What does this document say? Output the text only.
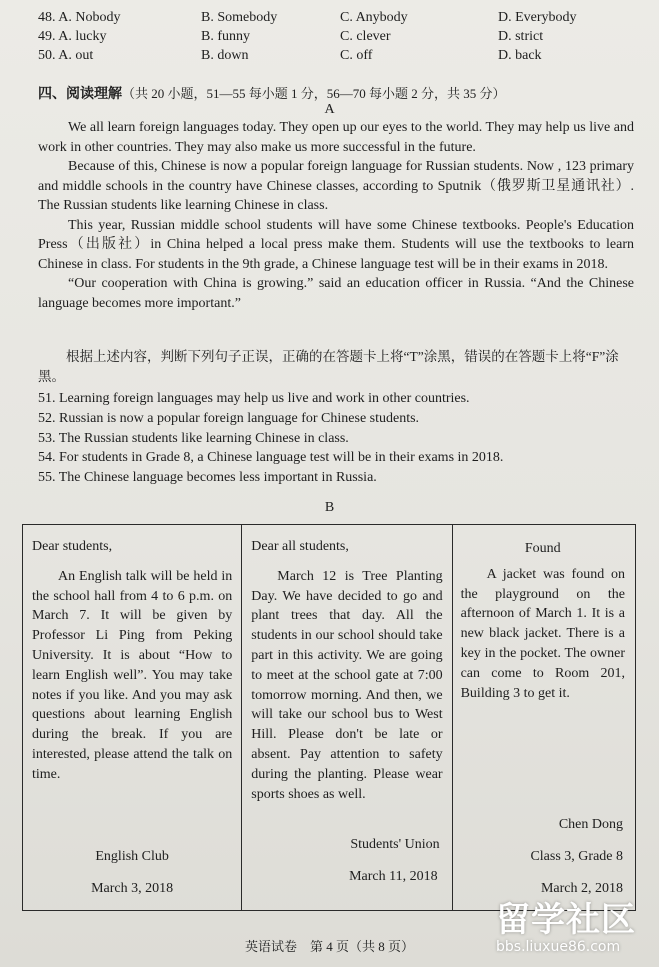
48. A. Nobody	B. Somebody	C. Anybody	D. Everybody
49. A. lucky	B. funny	C. clever	D. strict
50. A. out	B. down	C. off	D. back
四、阅读理解（共 20 小题，51—55 每小题 1 分，56—70 每小题 2 分，共 35 分）
A

We all learn foreign languages today. They open up our eyes to the world. They may help us live and work in other countries. They may also make us more successful in the future.

Because of this, Chinese is now a popular foreign language for Russian students. Now , 123 primary and middle schools in the country have Chinese classes, according to Sputnik（俄罗斯卫星通讯社）. The Russian students like learning Chinese in class.

This year, Russian middle school students will have some Chinese textbooks. People's Education Press（出版社）in China helped a local press make them. Students will use the textbooks to learn Chinese in class. For students in the 9th grade, a Chinese language test will be in their exams in 2018.

“Our cooperation with China is growing.” said an education officer in Russia. “And the Chinese language becomes more important.”

根据上述内容，判断下列句子正误，正确的在答题卡上将“T”涂黑，错误的在答题卡上将“F”涂黑。
51. Learning foreign languages may help us live and work in other countries.
52. Russian is now a popular foreign language for Chinese students.
53. The Russian students like learning Chinese in class.
54. For students in Grade 8, a Chinese language test will be in their exams in 2018.
55. The Chinese language becomes less important in Russia.
B
Dear students,
An English talk will be held in the school hall from 4 to 6 p.m. on March 7. It will be given by Professor Li Ping from Peking University. It is about “How to learn English well”. You may take notes if you like. And you may ask questions about learning English during the break. If you are interested, please attend the talk on time.
English Club
March 3, 2018
Dear all students,
March 12 is Tree Planting Day. We have decided to go and plant trees that day. All the students in our school should take part in this activity. We are going to meet at the school gate at 7:00 tomorrow morning. And then, we will take our school bus to West Hill. Please don't be late or absent. Pay attention to safety during the planting. Please wear sports shoes as well.
Students' Union
March 11, 2018
Found
A jacket was found on the playground on the afternoon of March 1. It is a new black jacket. There is a key in the pocket. The owner can come to Room 201, Building 3 to get it.
Chen Dong
Class 3, Grade 8
March 2, 2018
英语试卷　第 4 页（共 8 页）
留学社区
bbs.liuxue86.com
